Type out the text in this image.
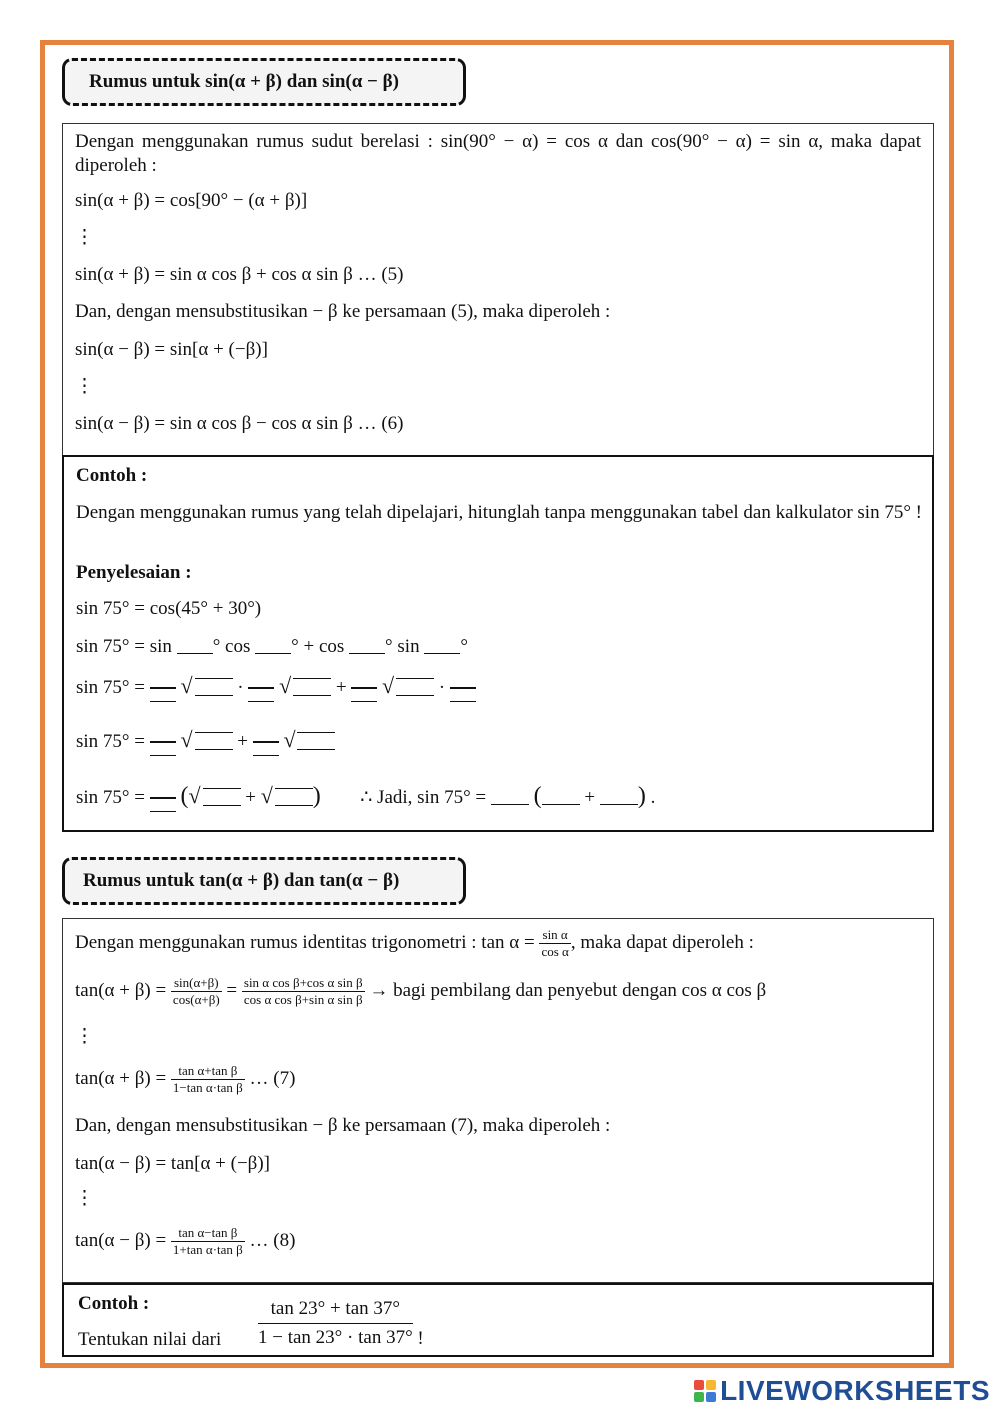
Rumus untuk sin(α + β) dan sin(α − β)
Dengan menggunakan rumus sudut berelasi : sin(90° − α) = cos α dan cos(90° − α) = sin α, maka dapat diperoleh :
sin(α + β) = cos[90° − (α + β)]
⋮
sin(α + β) = sin α cos β + cos α sin β … (5)
Dan, dengan mensubstitusikan − β ke persamaan (5), maka diperoleh :
sin(α − β) = sin[α + (−β)]
⋮
sin(α − β) = sin α cos β − cos α sin β … (6)
Contoh :
Dengan menggunakan rumus yang telah dipelajari, hitunglah tanpa menggunakan tabel dan kalkulator sin 75° !
Penyelesaian :
sin 75° = cos(45° + 30°)
sin 75° = sin ° cos ° + cos ° sin °
sin 75° =
√ ·
√ +
√ ·
sin 75° =
√ +
√
sin 75° = ( √ + √ ) ∴ Jadi, sin 75° = ( + ) .
Rumus untuk tan(α + β) dan tan(α − β)
Dengan menggunakan rumus identitas trigonometri : $\tan \alpha = \frac{\text{sin α}}{\text{cos α}}$ , maka dapat diperoleh :
$\tan(\alpha + \beta) = \frac{\sin(\alpha+\beta)}{\cos(\alpha+\beta)} = \frac{\text{sin α cos β+cos α sin β}}{\text{cos α cos β+sin α sin β}}$ → bagi pembilang dan penyebut dengan cos α cos β
⋮
$\tan(\alpha + \beta) = \frac{\text{tan α+tan β}}{\text{1−tan α·tan β}}$ … (7)
Dan, dengan mensubstitusikan − β ke persamaan (7), maka diperoleh :
tan(α − β) = tan[α + (−β)]
⋮
$\tan(\alpha - \beta) = \frac{\text{tan α−tan β}}{\text{1+tan α·tan β}}$ … (8)
Contoh :
Tentukan nilai dari $\frac{\tan 23^\circ + \tan 37^\circ}{1 - \tan 23^\circ \cdot \tan 37^\circ}$ !
LIVEWORKSHEETS
